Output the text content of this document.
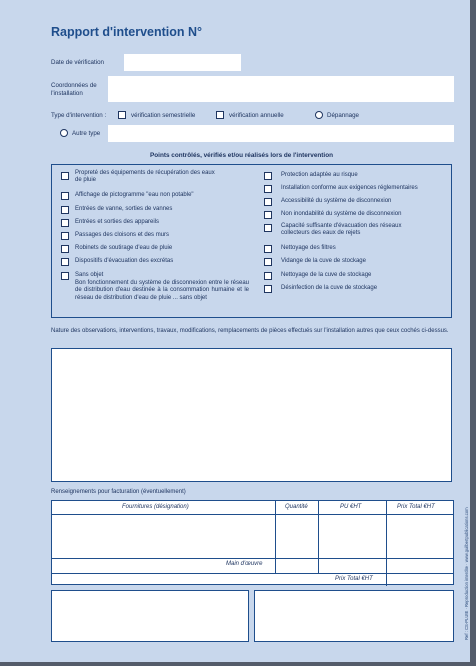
Rapport d'intervention N°
Date de vérification
Coordonnées de l'installation
Type d'intervention :	vérification semestrielle	vérification annuelle	Dépannage
Autre type
Points contrôlés, vérifiés et/ou réalisés lors de l'intervention
Propreté des équipements de récupération des eaux de pluie
Affichage de pictogramme "eau non potable"
Entrées de vanne, sorties de vannes
Entrées et sorties des appareils
Passages des cloisons et des murs
Robinets de soutirage d'eau de pluie
Dispositifs d'évacuation des excrétas
Sans objet
Bon fonctionnement du système de disconnexion entre le réseau de distribution d'eau destinée à la consommation humaine et le réseau de distribution d'eau de pluie ... sans objet
Protection adaptée au risque
Installation conforme aux exigences réglementaires
Accessibilité du système de disconnexion
Non inondabilité du système de disconnexion
Capacité suffisante d'évacuation des réseaux collecteurs des eaux de rejets
Nettoyage des filtres
Vidange de la cuve de stockage
Nettoyage de la cuve de stockage
Désinfection de la cuve de stockage
Nature des observations, interventions, travaux, modifications, remplacements de pièces effectués sur l'installation autres que ceux cochés ci-dessus.
Renseignements pour facturation (éventuellement)
Fournitures (désignation)	Quantité	PU €HT	Prix Total €HT
Main d'œuvre
Prix Total €HT	Ref : CS-PLUIE · Reproduction interdite · www.guilbertpublications.com
